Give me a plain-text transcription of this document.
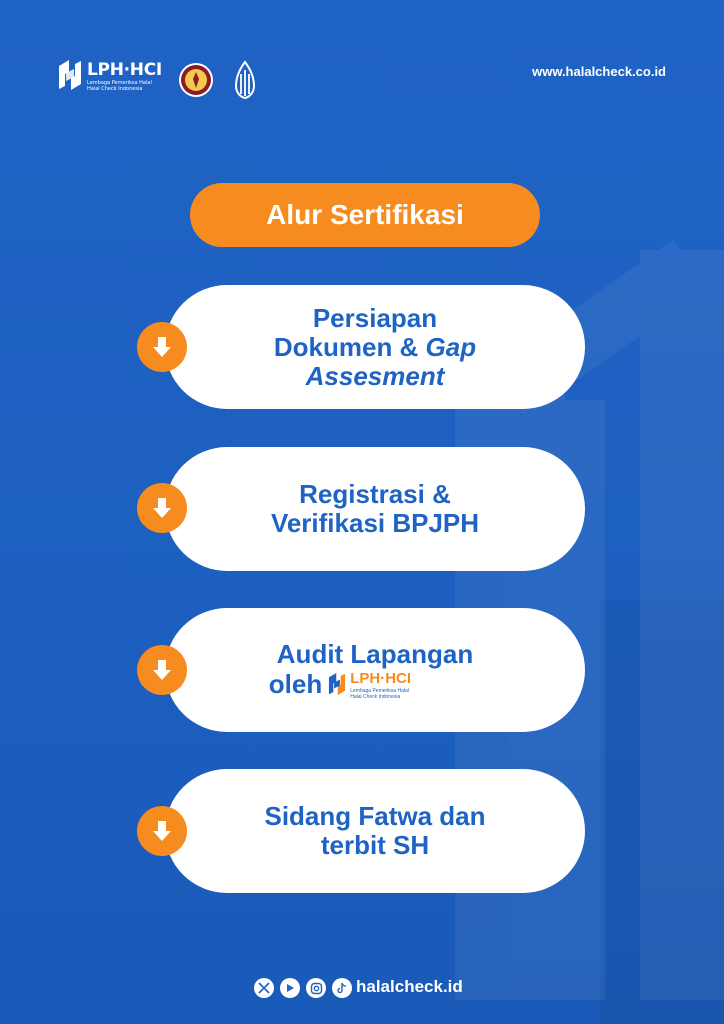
LPH·HCI
Lembaga Pemeriksa Halal
Halal Check Indonesia
www.halalcheck.co.id
Alur Sertifikasi
Persiapan
Dokumen & Gap
Assesment
Registrasi &
Verifikasi BPJPH
Audit Lapangan
oleh LPH·HCI
Lembaga Pemeriksa Halal
Halal Check Indonesia
Sidang Fatwa dan
terbit SH
halalcheck.id
